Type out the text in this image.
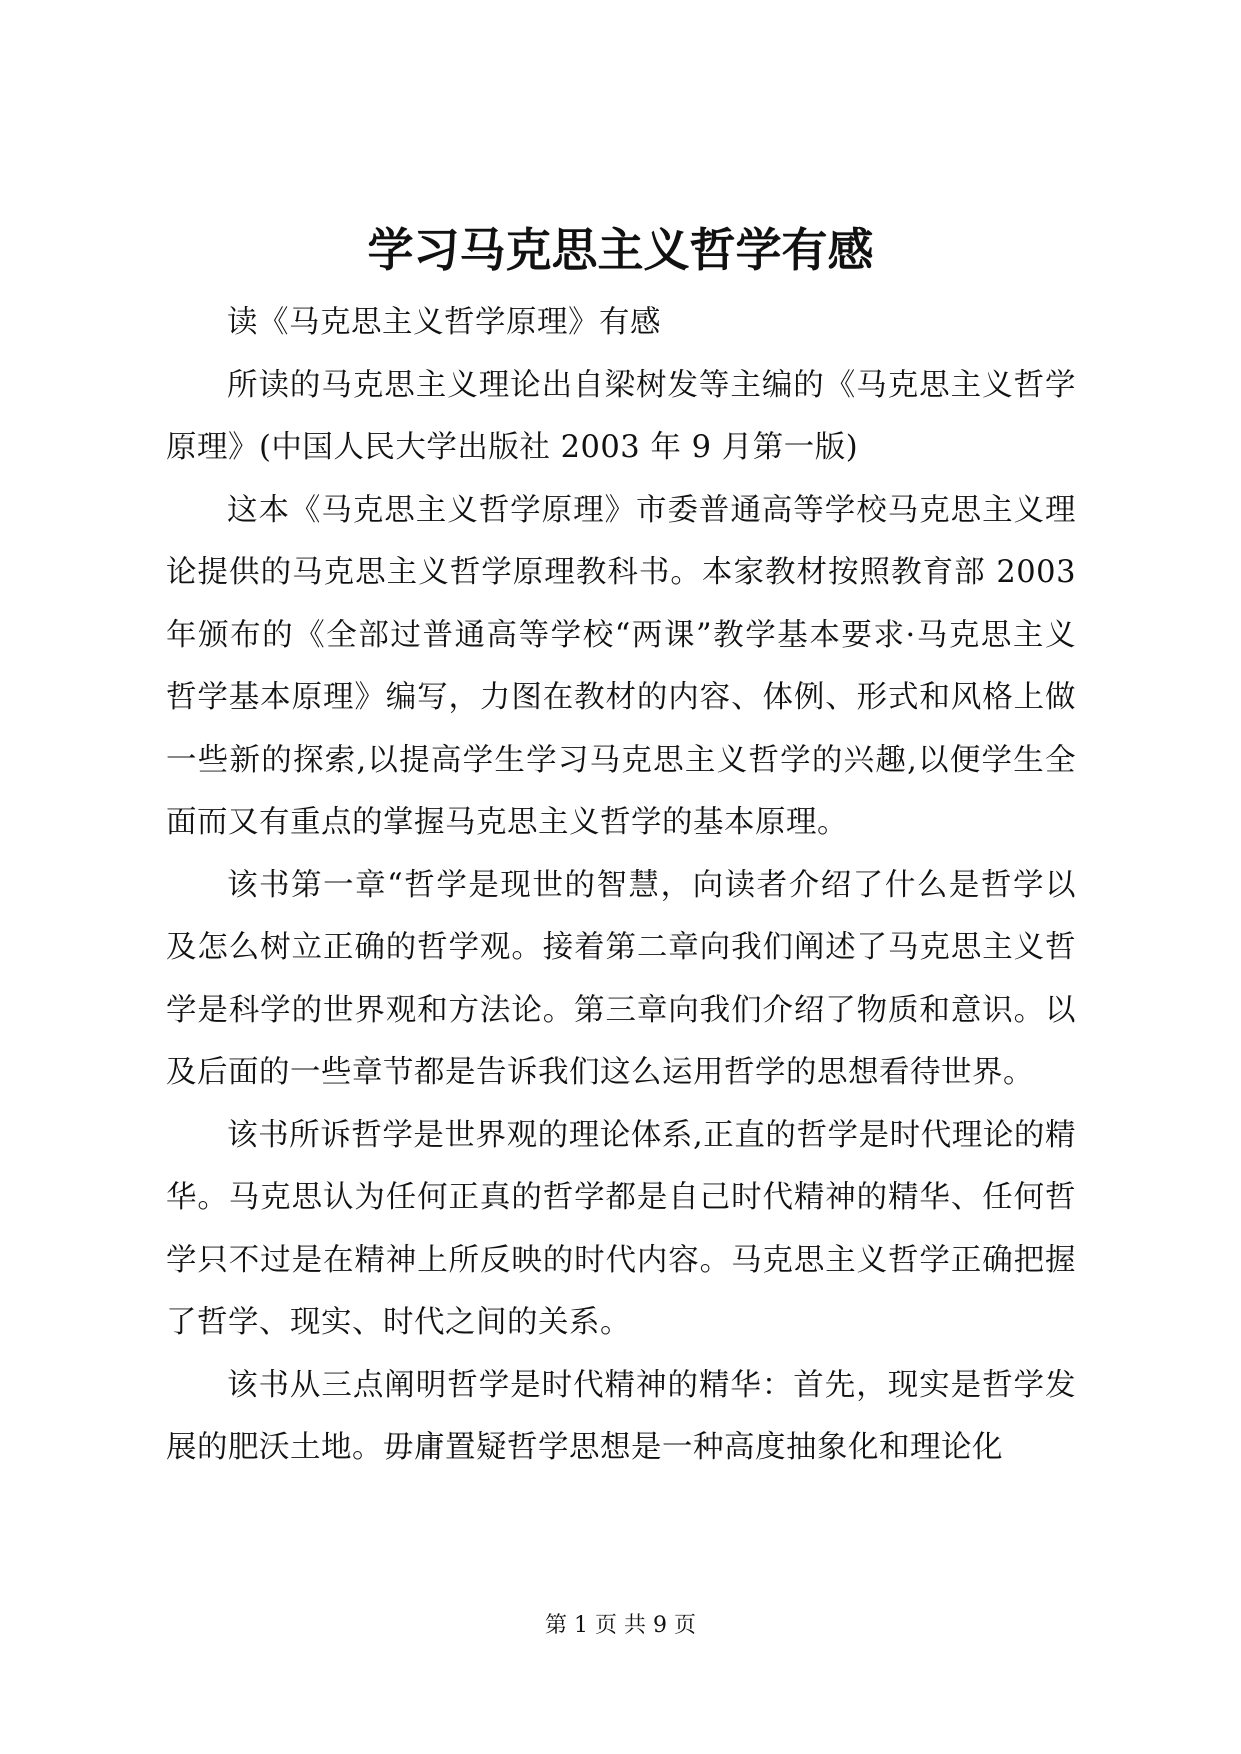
学习马克思主义哲学有感

读《马克思主义哲学原理》有感

所读的马克思主义理论出自梁树发等主编的《马克思主义哲学原理》(中国人民大学出版社 2003 年 9 月第一版)

这本《马克思主义哲学原理》市委普通高等学校马克思主义理论提供的马克思主义哲学原理教科书。本家教材按照教育部 2003 年颁布的《全部过普通高等学校“两课”教学基本要求·马克思主义哲学基本原理》编写，力图在教材的内容、体例、形式和风格上做一些新的探索,以提高学生学习马克思主义哲学的兴趣,以便学生全面而又有重点的掌握马克思主义哲学的基本原理。

该书第一章“哲学是现世的智慧，向读者介绍了什么是哲学以及怎么树立正确的哲学观。接着第二章向我们阐述了马克思主义哲学是科学的世界观和方法论。第三章向我们介绍了物质和意识。以及后面的一些章节都是告诉我们这么运用哲学的思想看待世界。

该书所诉哲学是世界观的理论体系,正直的哲学是时代理论的精华。马克思认为任何正真的哲学都是自己时代精神的精华、任何哲学只不过是在精神上所反映的时代内容。马克思主义哲学正确把握了哲学、现实、时代之间的关系。

该书从三点阐明哲学是时代精神的精华：首先，现实是哲学发展的肥沃土地。毋庸置疑哲学思想是一种高度抽象化和理论化

第 1 页 共 9 页
